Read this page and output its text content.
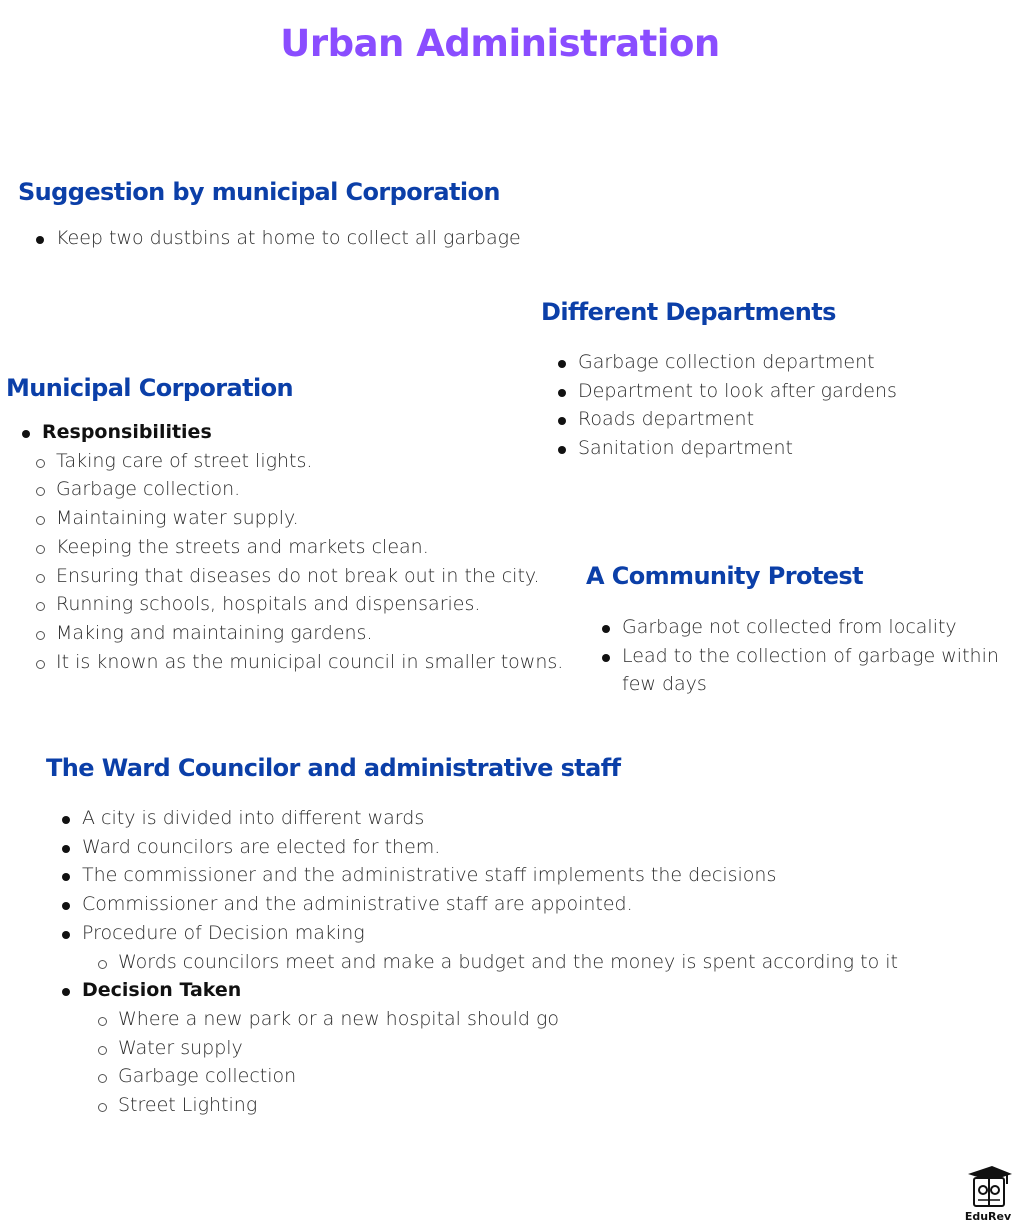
Urban Administration
Suggestion by municipal Corporation
Keep two dustbins at home to collect all garbage
Different Departments
Garbage collection department
Department to look after gardens
Roads department
Sanitation department
Municipal Corporation
Responsibilities
Taking care of street lights.
Garbage collection.
Maintaining water supply.
Keeping the streets and markets clean.
Ensuring that diseases do not break out in the city.
Running schools, hospitals and dispensaries.
Making and maintaining gardens.
It is known as the municipal council in smaller towns.
A Community Protest
Garbage not collected from locality
Lead to the collection of garbage within few days
The Ward Councilor and administrative staff
A city is divided into different wards
Ward councilors are elected for them.
The commissioner and the administrative staff implements the decisions
Commissioner and the administrative staff are appointed.
Procedure of Decision making
Words councilors meet and make a budget and the money is spent according to it
Decision Taken
Where a new park or a new hospital should go
Water supply
Garbage collection
Street Lighting
EduRev
